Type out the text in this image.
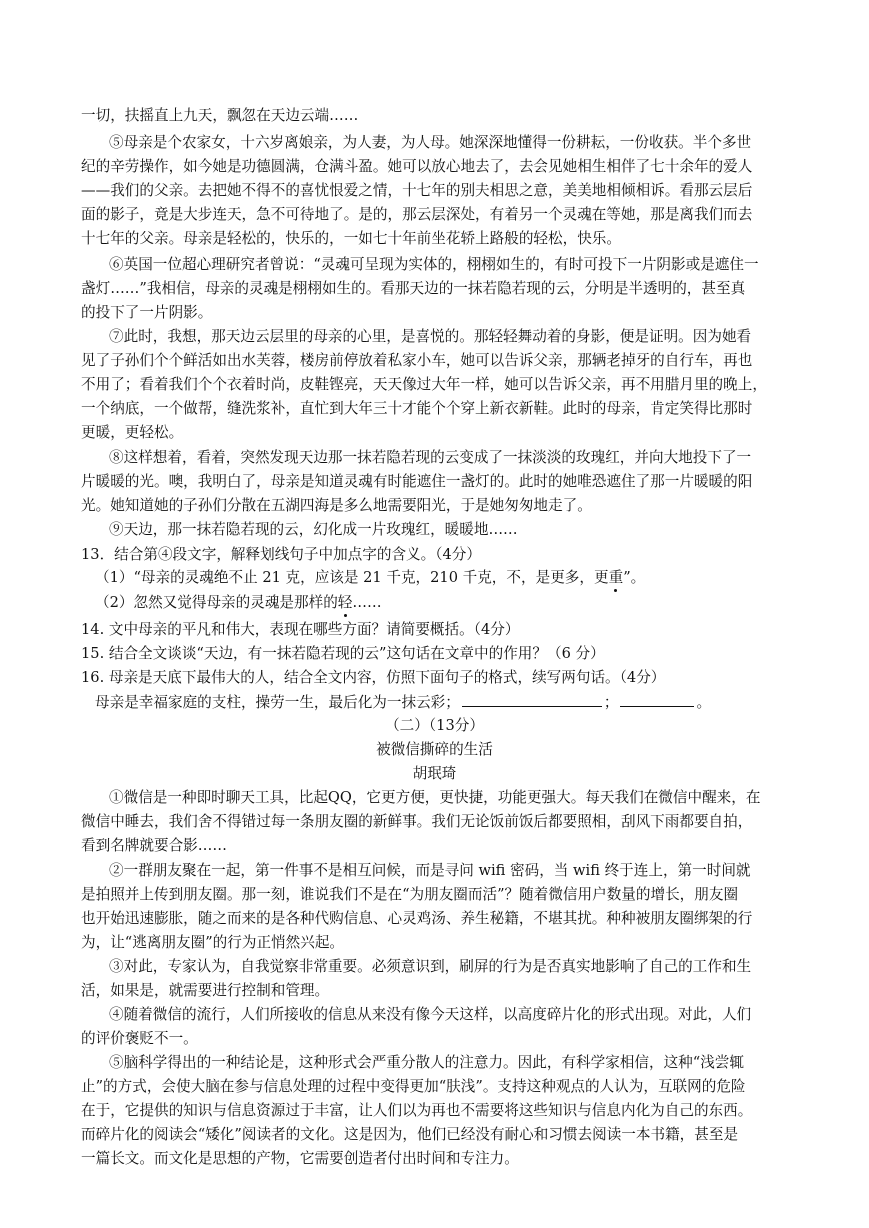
一切，扶摇直上九天，飘忽在天边云端……
⑤母亲是个农家女，十六岁离娘亲，为人妻，为人母。她深深地懂得一份耕耘，一份收获。半个多世
纪的辛劳操作，如今她是功德圆满，仓满斗盈。她可以放心地去了，去会见她相生相伴了七十余年的爱人
——我们的父亲。去把她不得不的喜忧恨爱之情，十七年的别夫相思之意，美美地相倾相诉。看那云层后
面的影子，竟是大步连天，急不可待地了。是的，那云层深处，有着另一个灵魂在等她，那是离我们而去
十七年的父亲。母亲是轻松的，快乐的，一如七十年前坐花轿上路般的轻松，快乐。
⑥英国一位超心理研究者曾说：“灵魂可呈现为实体的，栩栩如生的，有时可投下一片阴影或是遮住一
盏灯……”我相信，母亲的灵魂是栩栩如生的。看那天边的一抹若隐若现的云，分明是半透明的，甚至真
的投下了一片阴影。
⑦此时，我想，那天边云层里的母亲的心里，是喜悦的。那轻轻舞动着的身影，便是证明。因为她看
见了子孙们个个鲜活如出水芙蓉，楼房前停放着私家小车，她可以告诉父亲，那辆老掉牙的自行车，再也
不用了；看着我们个个衣着时尚，皮鞋铿亮，天天像过大年一样，她可以告诉父亲，再不用腊月里的晚上，
一个纳底，一个做帮，缝洗浆补，直忙到大年三十才能个个穿上新衣新鞋。此时的母亲，肯定笑得比那时
更暖，更轻松。
⑧这样想着，看着，突然发现天边那一抹若隐若现的云变成了一抹淡淡的玫瑰红，并向大地投下了一
片暖暖的光。噢，我明白了，母亲是知道灵魂有时能遮住一盏灯的。此时的她唯恐遮住了那一片暖暖的阳
光。她知道她的子孙们分散在五湖四海是多么地需要阳光，于是她匆匆地走了。
⑨天边，那一抹若隐若现的云，幻化成一片玫瑰红，暖暖地……
13．结合第④段文字，解释划线句子中加点字的含义。（4分）
（1）“母亲的灵魂绝不止 21 克，应该是 21 千克，210 千克，不，是更多，更重”。
（2）忽然又觉得母亲的灵魂是那样的轻……
14. 文中母亲的平凡和伟大，表现在哪些方面？请简要概括。（4分）
15. 结合全文谈谈“天边，有一抹若隐若现的云”这句话在文章中的作用？（6 分）
16. 母亲是天底下最伟大的人，结合全文内容，仿照下面句子的格式，续写两句话。（4分）
母亲是幸福家庭的支柱，操劳一生，最后化为一抹云彩；	；	。
（二）（13分）
被微信撕碎的生活
胡珉琦
①微信是一种即时聊天工具，比起QQ，它更方便，更快捷，功能更强大。每天我们在微信中醒来，在
微信中睡去，我们舍不得错过每一条朋友圈的新鲜事。我们无论饭前饭后都要照相，刮风下雨都要自拍，
看到名牌就要合影……
②一群朋友聚在一起，第一件事不是相互问候，而是寻问 wifi 密码，当 wifi 终于连上，第一时间就
是拍照并上传到朋友圈。那一刻，谁说我们不是在“为朋友圈而活”？随着微信用户数量的增长，朋友圈
也开始迅速膨胀，随之而来的是各种代购信息、心灵鸡汤、养生秘籍，不堪其扰。种种被朋友圈绑架的行
为，让“逃离朋友圈”的行为正悄然兴起。
③对此，专家认为，自我觉察非常重要。必须意识到，刷屏的行为是否真实地影响了自己的工作和生
活，如果是，就需要进行控制和管理。
④随着微信的流行，人们所接收的信息从来没有像今天这样，以高度碎片化的形式出现。对此，人们
的评价褒贬不一。
⑤脑科学得出的一种结论是，这种形式会严重分散人的注意力。因此，有科学家相信，这种“浅尝辄
止”的方式，会使大脑在参与信息处理的过程中变得更加“肤浅”。支持这种观点的人认为，互联网的危险
在于，它提供的知识与信息资源过于丰富，让人们以为再也不需要将这些知识与信息内化为自己的东西。
而碎片化的阅读会“矮化”阅读者的文化。这是因为，他们已经没有耐心和习惯去阅读一本书籍，甚至是
一篇长文。而文化是思想的产物，它需要创造者付出时间和专注力。
